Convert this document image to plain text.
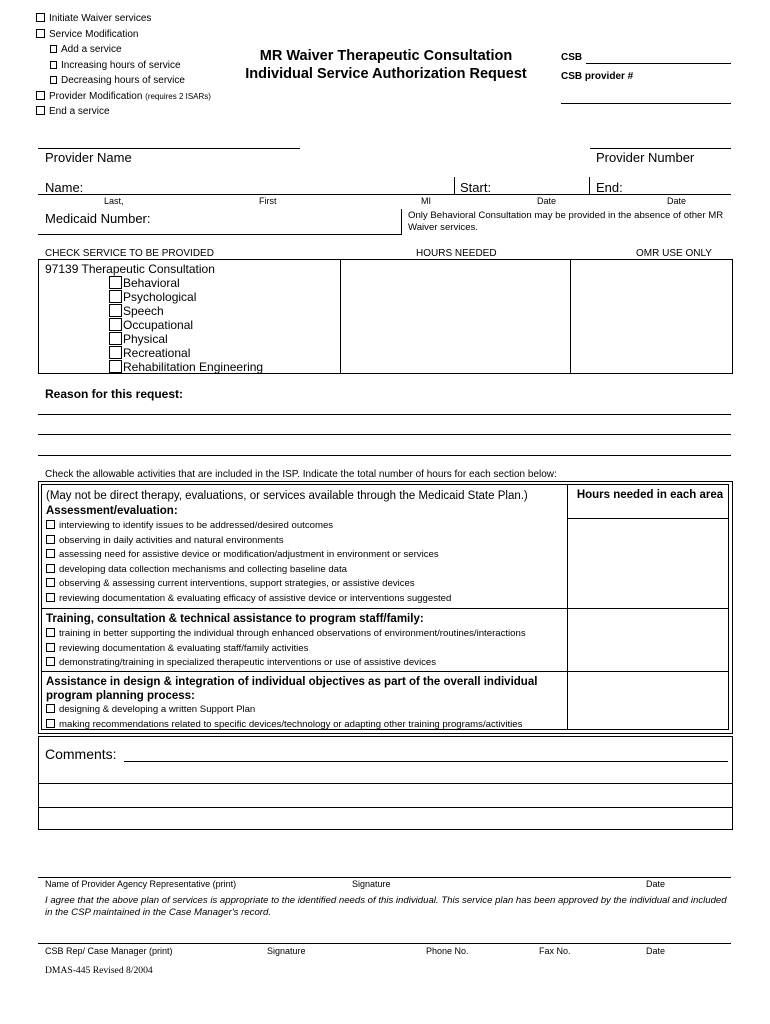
Initiate Waiver services
Service Modification
Add a service
Increasing hours of service
Decreasing hours of service
Provider Modification (requires 2 ISARs)
End a service
MR Waiver Therapeutic Consultation
Individual Service Authorization Request
CSB
CSB provider #
Provider Name	Provider Number
Name:	Start:	End:
Last,	First	MI	Date	Date
Medicaid Number:	Only Behavioral Consultation may be provided in the absence of other MR Waiver services.
CHECK SERVICE TO BE PROVIDED	HOURS NEEDED	OMR USE ONLY
97139 Therapeutic Consultation
Behavioral
Psychological
Speech
Occupational
Physical
Recreational
Rehabilitation Engineering
Reason for this request:
Check the allowable activities that are included in the ISP. Indicate the total number of hours for each section below:
Hours needed in each area
(May not be direct therapy, evaluations, or services available through the Medicaid State Plan.)
Assessment/evaluation:
interviewing to identify issues to be addressed/desired outcomes
observing in daily activities and natural environments
assessing need for assistive device or modification/adjustment in environment or services
developing data collection mechanisms and collecting baseline data
observing & assessing current interventions, support strategies, or assistive devices
reviewing documentation & evaluating efficacy of assistive device or interventions suggested
Training, consultation & technical assistance to program staff/family:
training in better supporting the individual through enhanced observations of environment/routines/interactions
reviewing documentation & evaluating staff/family activities
demonstrating/training in specialized therapeutic interventions or use of assistive devices
Assistance in design & integration of individual objectives as part of the overall individual program planning process:
designing & developing a written Support Plan
making recommendations related to specific devices/technology or adapting other training programs/activities
Comments:
Name of Provider Agency Representative (print)	Signature	Date
I agree that the above plan of services is appropriate to the identified needs of this individual. This service plan has been approved by the individual and included in the CSP maintained in the Case Manager's record.
CSB Rep/ Case Manager (print)	Signature	Phone No.	Fax No.	Date
DMAS-445 Revised 8/2004
